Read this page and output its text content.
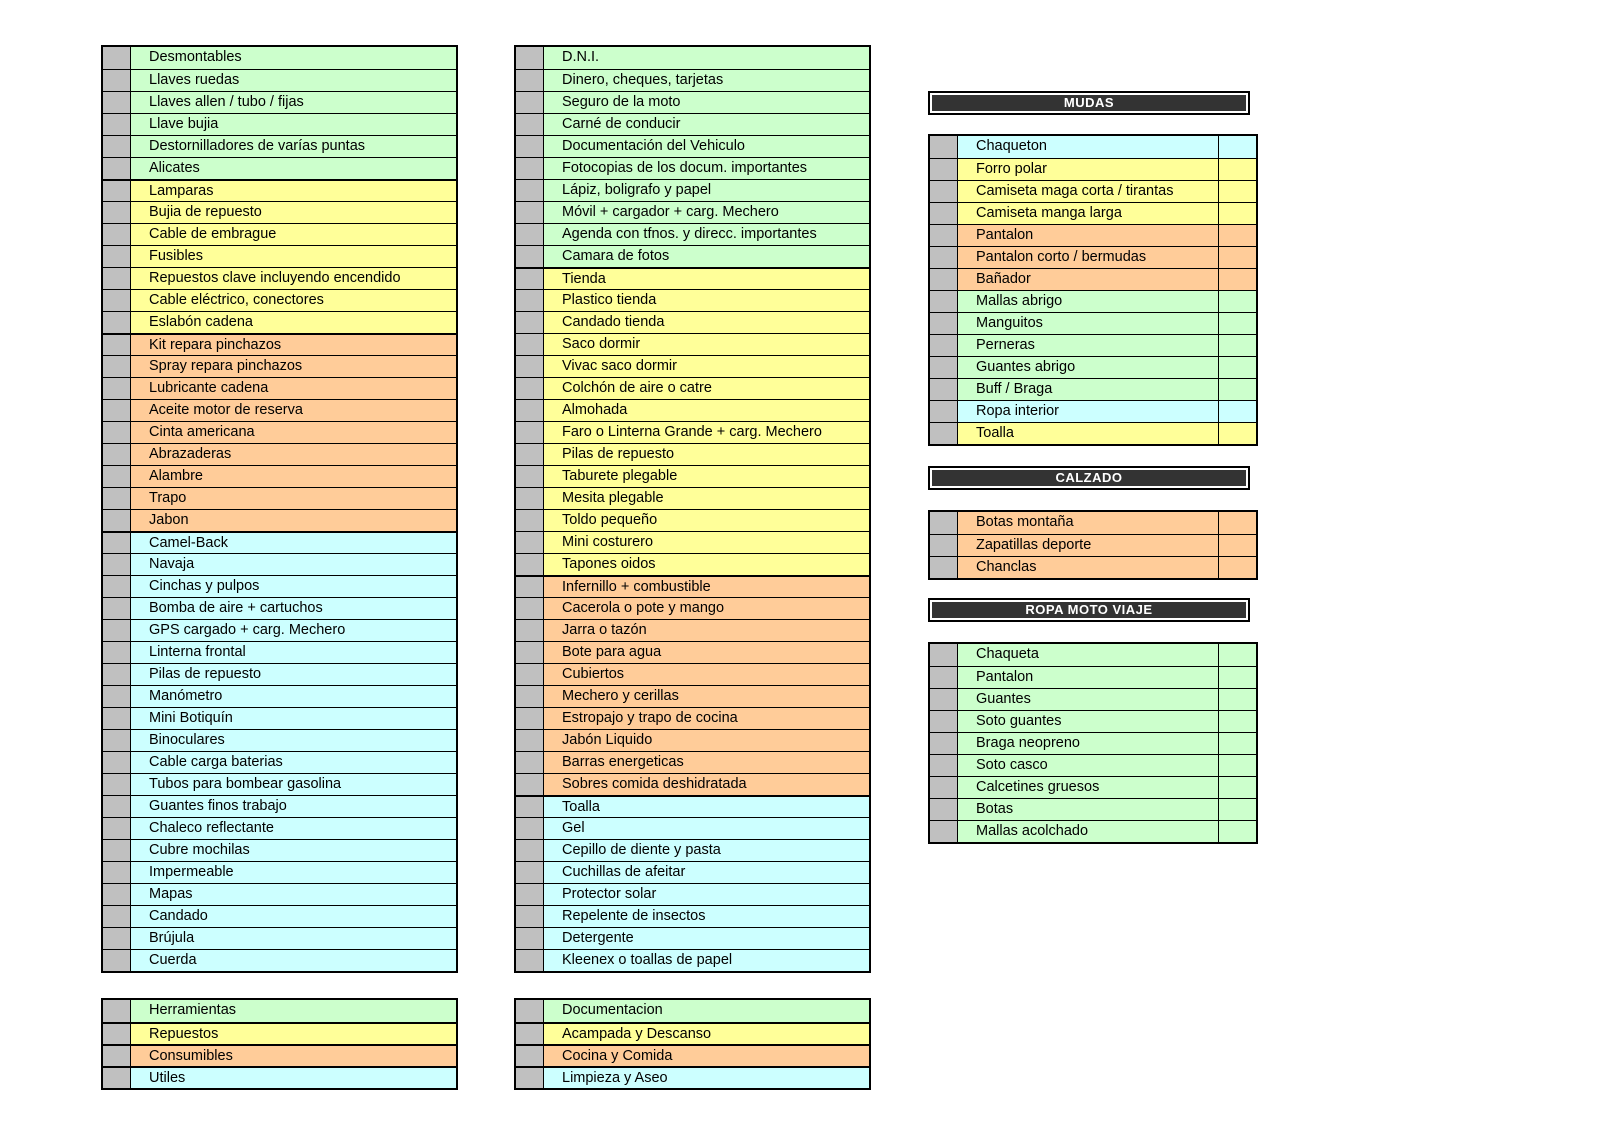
Desmontables
Llaves ruedas
Llaves allen / tubo / fijas
Llave bujia
Destornilladores de varías puntas
Alicates
Lamparas
Bujia de repuesto
Cable de embrague
Fusibles
Repuestos clave incluyendo encendido
Cable eléctrico, conectores
Eslabón cadena
Kit repara pinchazos
Spray repara pinchazos
Lubricante cadena
Aceite motor de reserva
Cinta americana
Abrazaderas
Alambre
Trapo
Jabon
Camel-Back
Navaja
Cinchas y pulpos
Bomba de aire + cartuchos
GPS cargado + carg. Mechero
Linterna frontal
Pilas de repuesto
Manómetro
Mini Botiquín
Binoculares
Cable carga baterias
Tubos para bombear gasolina
Guantes finos trabajo
Chaleco reflectante
Cubre mochilas
Impermeable
Mapas
Candado
Brújula
Cuerda
D.N.I.
Dinero, cheques, tarjetas
Seguro de la moto
Carné de conducir
Documentación del Vehiculo
Fotocopias de los docum. importantes
Lápiz, boligrafo y papel
Móvil + cargador + carg. Mechero
Agenda con tfnos. y direcc. importantes
Camara de fotos
Tienda
Plastico tienda
Candado tienda
Saco dormir
Vivac saco dormir
Colchón de aire o catre
Almohada
Faro o Linterna Grande + carg. Mechero
Pilas de repuesto
Taburete plegable
Mesita plegable
Toldo pequeño
Mini costurero
Tapones oidos
Infernillo + combustible
Cacerola o pote y mango
Jarra o tazón
Bote para agua
Cubiertos
Mechero y cerillas
Estropajo y trapo de cocina
Jabón Liquido
Barras energeticas
Sobres comida deshidratada
Toalla
Gel
Cepillo de diente y pasta
Cuchillas de afeitar
Protector solar
Repelente de insectos
Detergente
Kleenex o toallas de papel
Herramientas
Repuestos
Consumibles
Utiles
Documentacion
Acampada y Descanso
Cocina y Comida
Limpieza y Aseo
MUDAS
Chaqueton
Forro polar
Camiseta maga corta / tirantas
Camiseta manga larga
Pantalon
Pantalon corto / bermudas
Bañador
Mallas abrigo
Manguitos
Perneras
Guantes abrigo
Buff / Braga
Ropa interior
Toalla
CALZADO
Botas montaña
Zapatillas deporte
Chanclas
ROPA MOTO VIAJE
Chaqueta
Pantalon
Guantes
Soto guantes
Braga neopreno
Soto casco
Calcetines gruesos
Botas
Mallas acolchado
